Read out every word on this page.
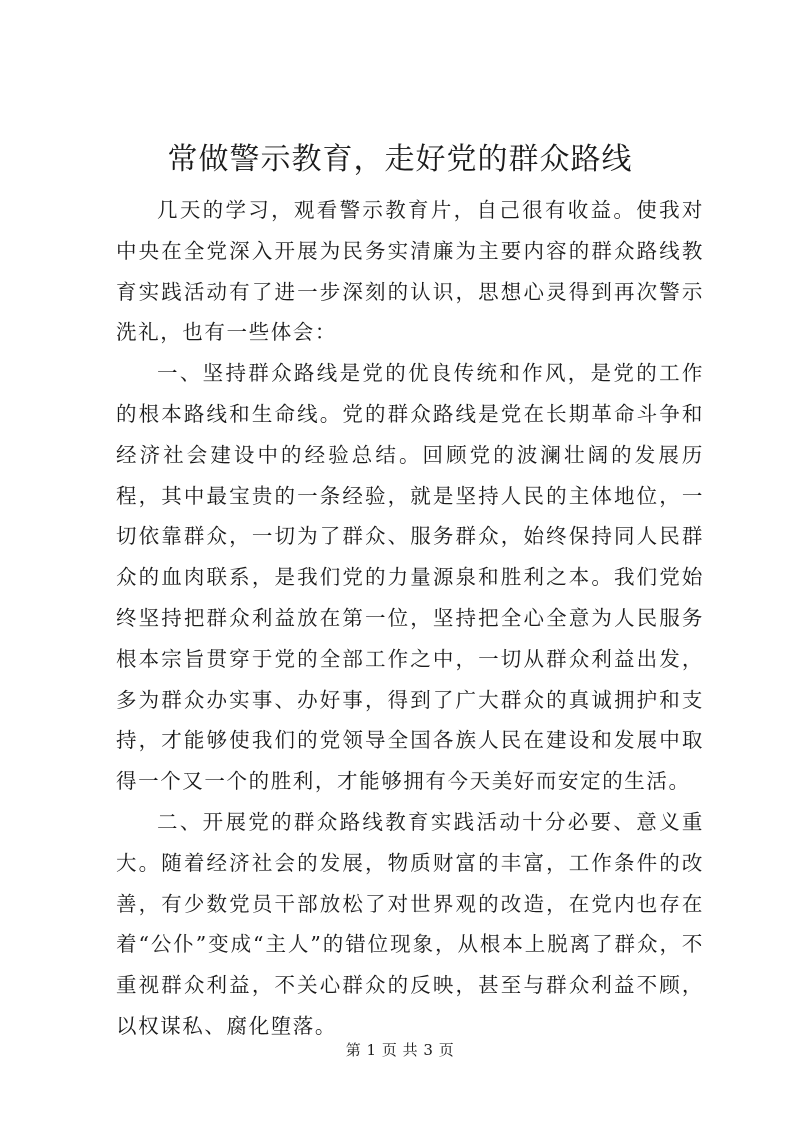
常做警示教育，走好党的群众路线

几天的学习，观看警示教育片，自己很有收益。使我对中央在全党深入开展为民务实清廉为主要内容的群众路线教育实践活动有了进一步深刻的认识，思想心灵得到再次警示洗礼，也有一些体会：

一、坚持群众路线是党的优良传统和作风，是党的工作的根本路线和生命线。党的群众路线是党在长期革命斗争和经济社会建设中的经验总结。回顾党的波澜壮阔的发展历程，其中最宝贵的一条经验，就是坚持人民的主体地位，一切依靠群众，一切为了群众、服务群众，始终保持同人民群众的血肉联系，是我们党的力量源泉和胜利之本。我们党始终坚持把群众利益放在第一位，坚持把全心全意为人民服务根本宗旨贯穿于党的全部工作之中，一切从群众利益出发，多为群众办实事、办好事，得到了广大群众的真诚拥护和支持，才能够使我们的党领导全国各族人民在建设和发展中取得一个又一个的胜利，才能够拥有今天美好而安定的生活。

二、开展党的群众路线教育实践活动十分必要、意义重大。随着经济社会的发展，物质财富的丰富，工作条件的改善，有少数党员干部放松了对世界观的改造，在党内也存在着“公仆”变成“主人”的错位现象，从根本上脱离了群众，不重视群众利益，不关心群众的反映，甚至与群众利益不顾，以权谋私、腐化堕落。

第 1 页 共 3 页
